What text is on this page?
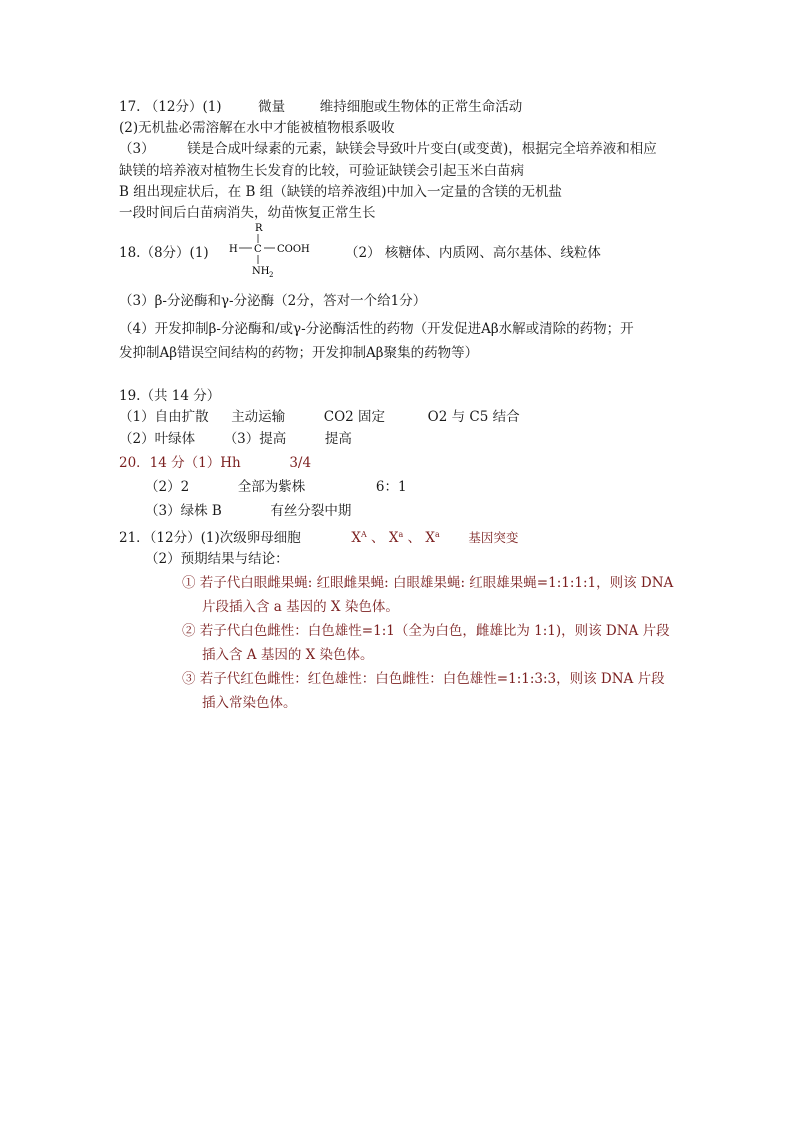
17. （12分）(1)	微量	维持细胞或生物体的正常生命活动
(2)无机盐必需溶解在水中才能被植物根系吸收
（3） 镁是合成叶绿素的元素，缺镁会导致叶片变白(或变黄)，根据完全培养液和相应
缺镁的培养液对植物生长发育的比较，可验证缺镁会引起玉米白苗病
B 组出现症状后，在 B 组（缺镁的培养液组)中加入一定量的含镁的无机盐
一段时间后白苗病消失，幼苗恢复正常生长
18.（8分）(1)
R
H C COOH
NH 2
（2） 核糖体、内质网、高尔基体、线粒体
（3）β-分泌酶和γ-分泌酶（2分，答对一个给1分）
（4）开发抑制β-分泌酶和/或γ-分泌酶活性的药物（开发促进Aβ水解或清除的药物；开
发抑制Aβ错误空间结构的药物；开发抑制Aβ聚集的药物等）
19.（共 14 分）
（1）自由扩散 主动运输	CO2 固定	O2 与 C5 结合
（2）叶绿体 （3）提高	提高
20．14 分（1）Hh	3/4
（2）2	全部为紫株	6：1
（3）绿株 B	有丝分裂中期
21．（12分）(1)次级卵母细胞	$X^A$ 、 $X^a$ 、 $X^a$ 基因突变
（2）预期结果与结论：
① 若子代白眼雌果蝇: 红眼雌果蝇: 白眼雄果蝇: 红眼雄果蝇=1:1:1:1，则该 DNA
片段插入含 a 基因的 X 染色体。
② 若子代白色雌性：白色雄性=1:1（全为白色，雌雄比为 1:1)，则该 DNA 片段
插入含 A 基因的 X 染色体。
③ 若子代红色雌性：红色雄性：白色雌性：白色雄性=1:1:3:3，则该 DNA 片段
插入常染色体。
